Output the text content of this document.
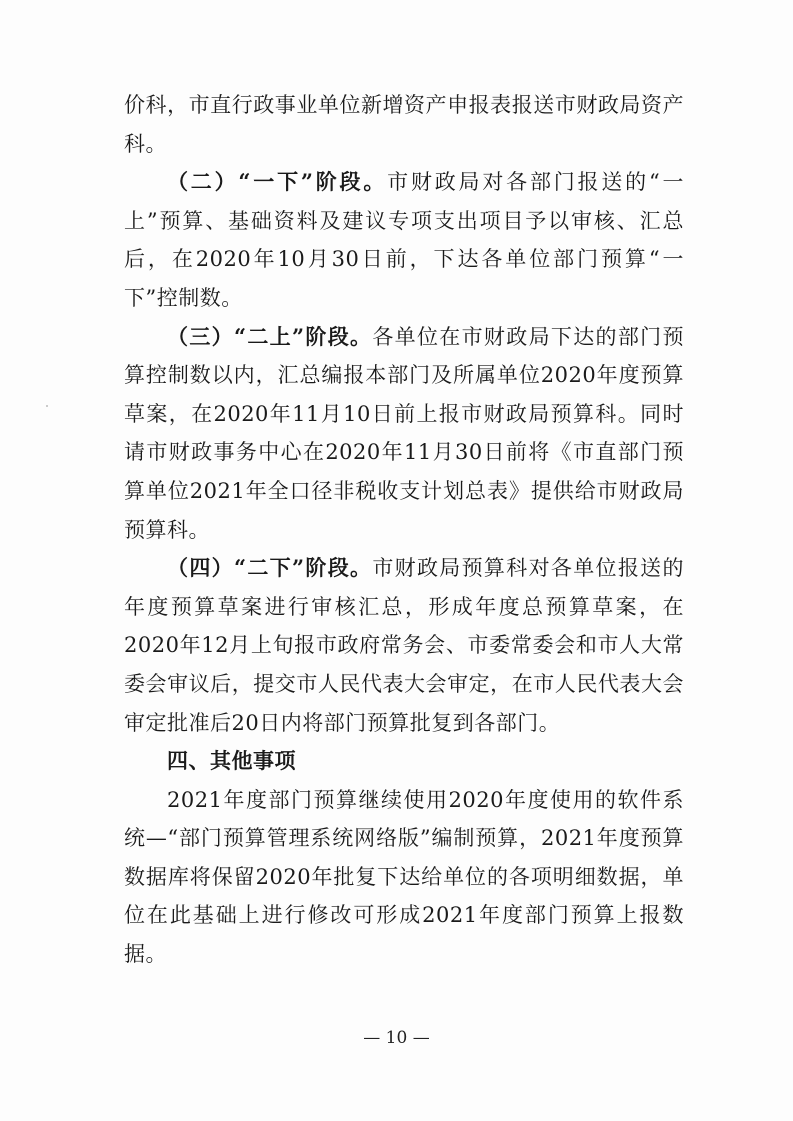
价科，市直行政事业单位新增资产申报表报送市财政局资产科。

（二）“一下”阶段。市财政局对各部门报送的“一上”预算、基础资料及建议专项支出项目予以审核、汇总后，在2020年10月30日前，下达各单位部门预算“一下”控制数。

（三）“二上”阶段。各单位在市财政局下达的部门预算控制数以内，汇总编报本部门及所属单位2020年度预算草案，在2020年11月10日前上报市财政局预算科。同时请市财政事务中心在2020年11月30日前将《市直部门预算单位2021年全口径非税收支计划总表》提供给市财政局预算科。

（四）“二下”阶段。市财政局预算科对各单位报送的年度预算草案进行审核汇总，形成年度总预算草案，在2020年12月上旬报市政府常务会、市委常委会和市人大常委会审议后，提交市人民代表大会审定，在市人民代表大会审定批准后20日内将部门预算批复到各部门。

四、其他事项

2021年度部门预算继续使用2020年度使用的软件系统—“部门预算管理系统网络版”编制预算，2021年度预算数据库将保留2020年批复下达给单位的各项明细数据，单位在此基础上进行修改可形成2021年度部门预算上报数据。

— 10 —
